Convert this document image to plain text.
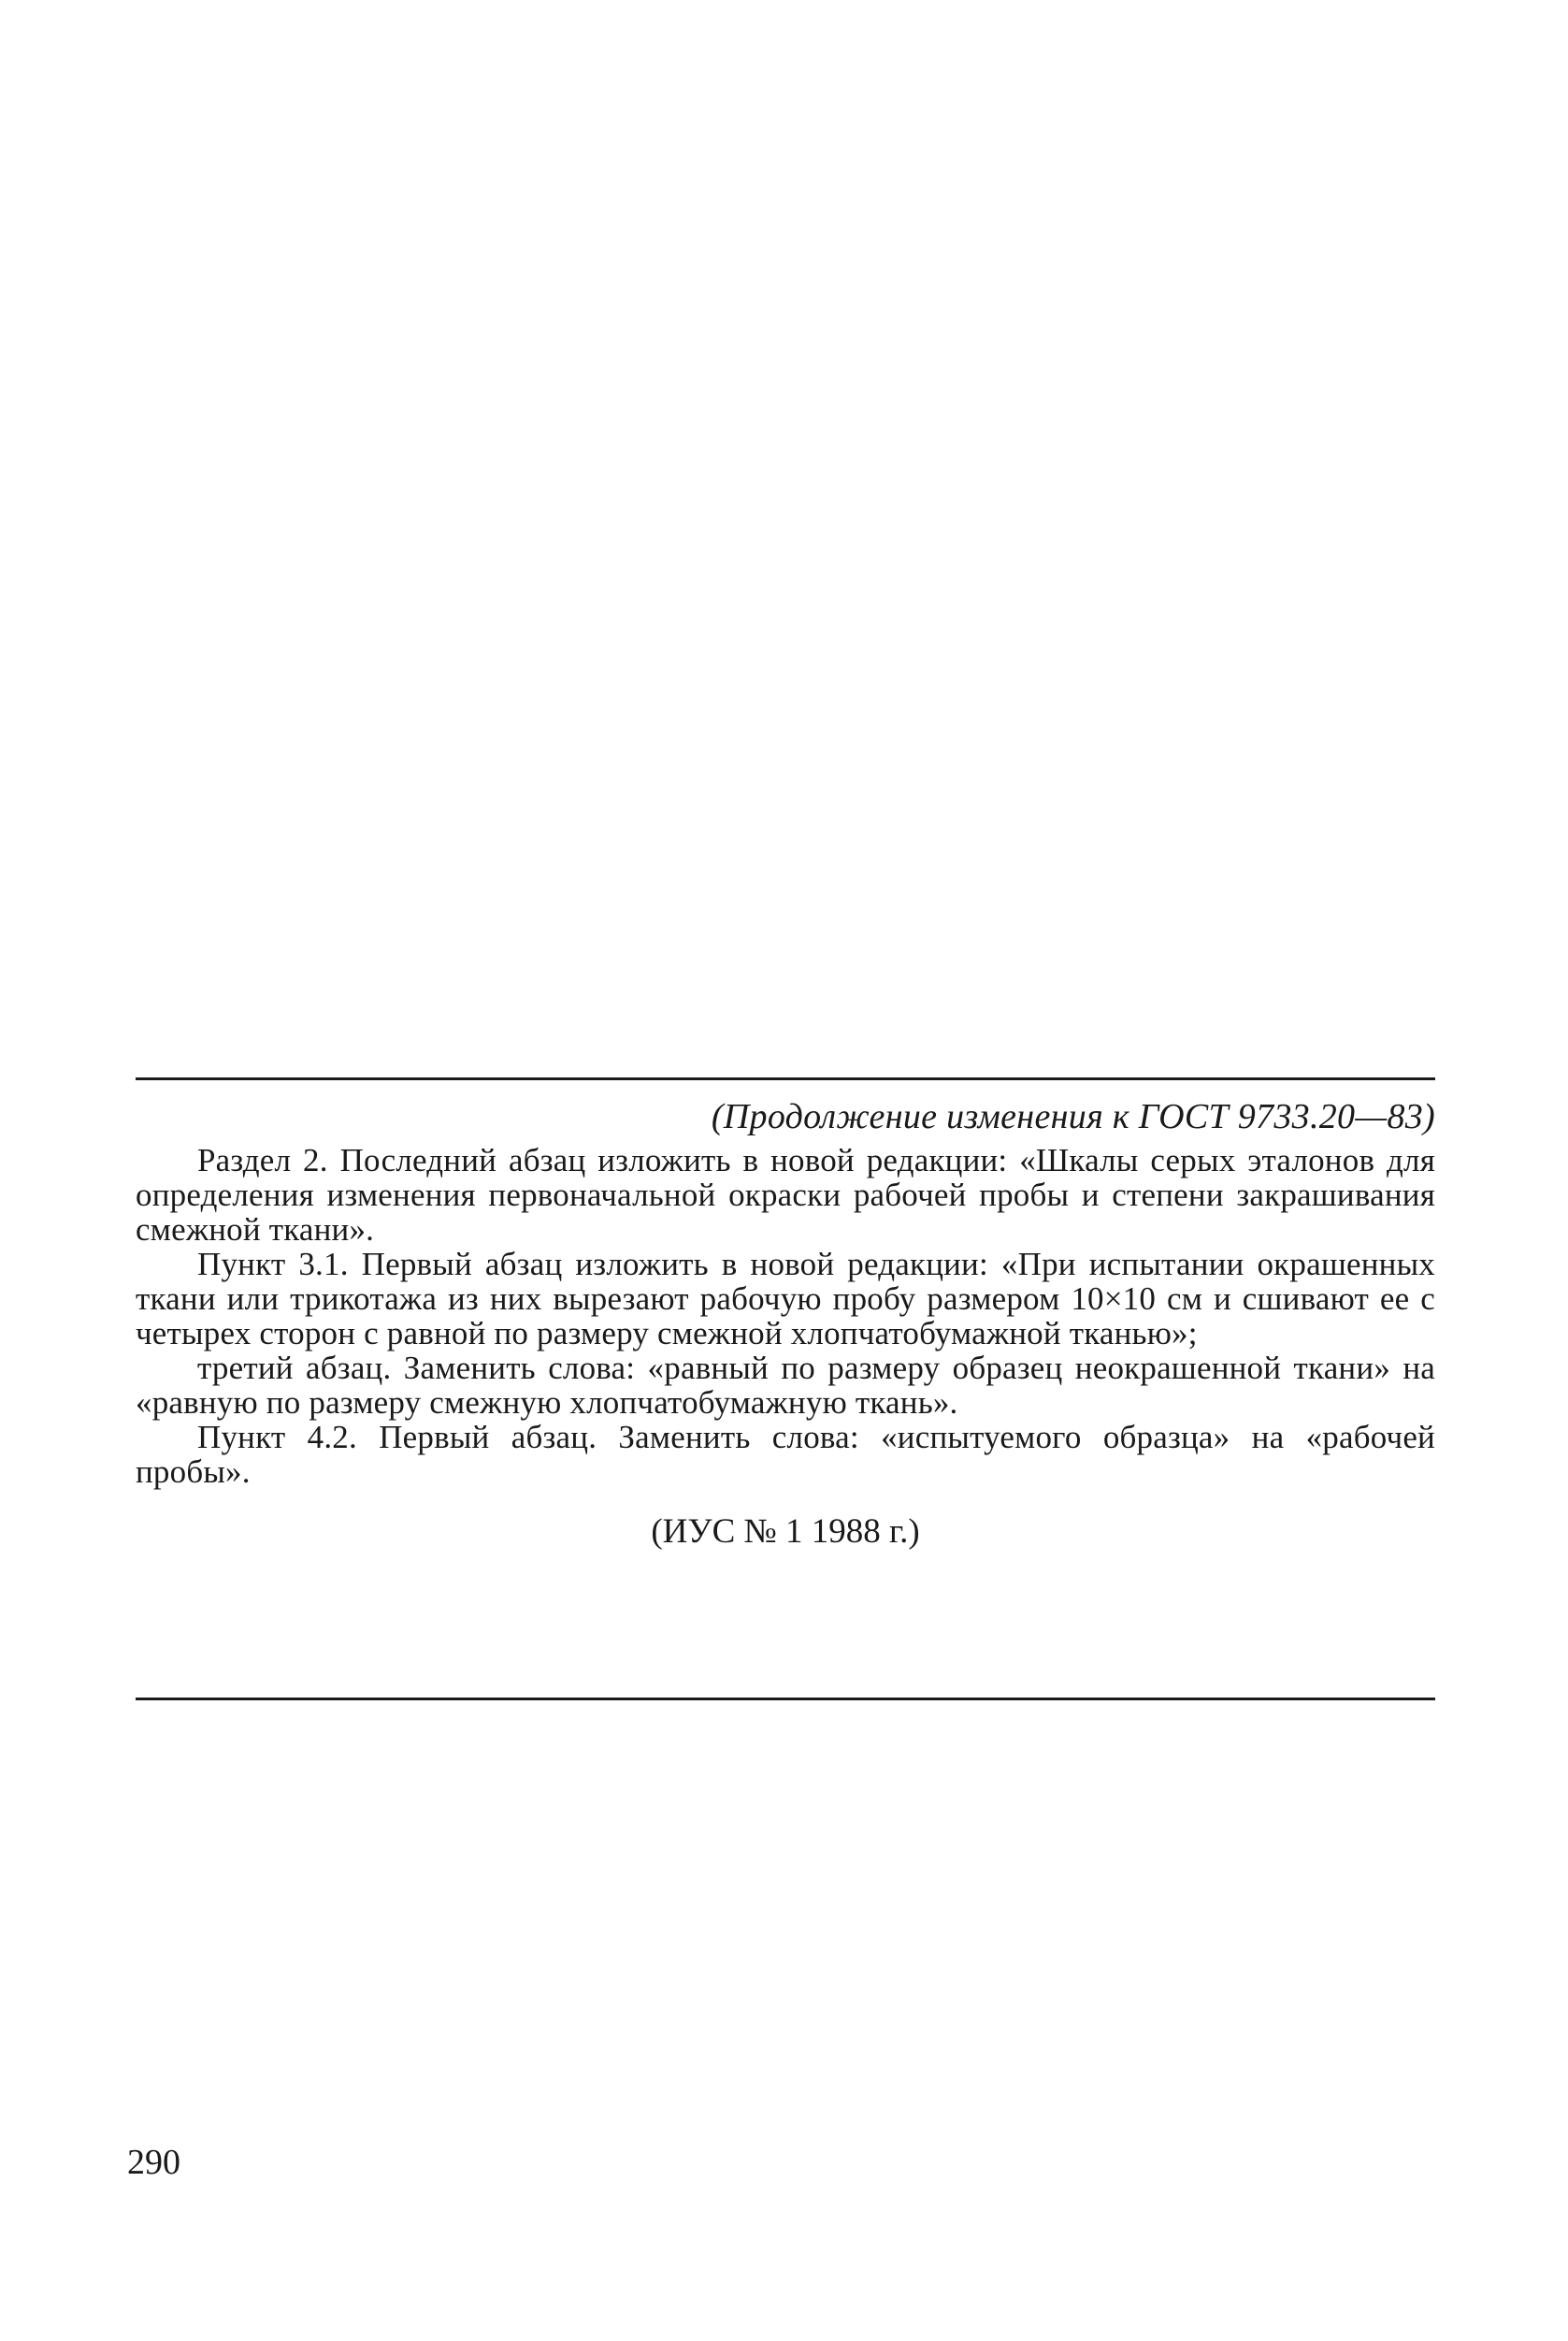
(Продолжение изменения к ГОСТ 9733.20—83)

Раздел 2. Последний абзац изложить в новой редакции: «Шкалы серых эталонов для определения изменения первоначальной окраски рабочей пробы и степени закрашивания смежной ткани».

Пункт 3.1. Первый абзац изложить в новой редакции: «При испытании окрашенных ткани или трикотажа из них вырезают рабочую пробу размером 10×10 см и сшивают ее с четырех сторон с равной по размеру смежной хлопчатобумажной тканью»;

третий абзац. Заменить слова: «равный по размеру образец неокрашенной ткани» на «равную по размеру смежную хлопчатобумажную ткань».

Пункт 4.2. Первый абзац. Заменить слова: «испытуемого образца» на «рабочей пробы».

(ИУС № 1 1988 г.)

290
